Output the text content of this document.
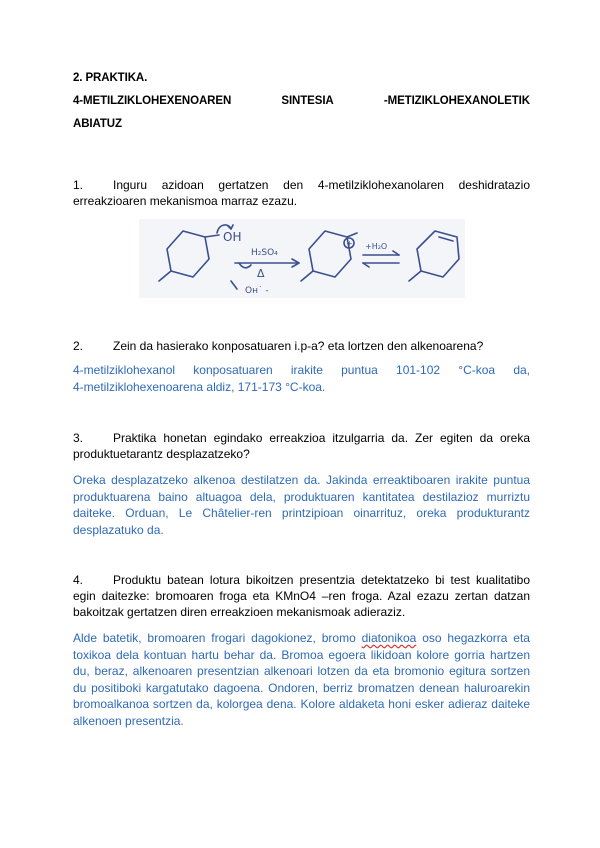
2. PRAKTIKA.
4-METILZIKLOHEXENOAREN	SINTESIA	-METIZIKLOHEXANOLETIK
ABIATUZ
1.	Inguru azidoan gertatzen den 4-metilziklohexanolaren deshidratazio
erreakzioaren mekanismoa marraz ezazu.
OH
H₂SO₄
Δ
Oн˙ -
+ +H₂O
2. Zein da hasierako konposatuaren i.p-a? eta lortzen den alkenoarena?
4-metilziklohexanol konposatuaren irakite puntua 101-102 °C-koa da,
4-metilziklohexenoarena aldiz, 171-173 °C-koa.
3.	Praktika honetan egindako erreakzioa itzulgarria da. Zer egiten da oreka
produktuetarantz desplazatzeko?
Oreka desplazatzeko alkenoa destilatzen da. Jakinda erreaktiboaren irakite puntua produktuarena baino altuagoa dela, produktuaren kantitatea destilazioz murriztu daiteke. Orduan, Le Châtelier-ren printzipioan oinarrituz, oreka produkturantz desplazatuko da.
4.	Produktu batean lotura bikoitzen presentzia detektatzeko bi test kualitatibo
egin daitezke: bromoaren froga eta KMnO4 –ren froga. Azal ezazu zertan datzan
bakoitzak gertatzen diren erreakzioen mekanismoak adieraziz.
Alde batetik, bromoaren frogari dagokionez, bromo diatonikoa oso hegazkorra eta toxikoa dela kontuan hartu behar da. Bromoa egoera likidoan kolore gorria hartzen du, beraz, alkenoaren presentzian alkenoari lotzen da eta bromonio egitura sortzen du positiboki kargatutako dagoena. Ondoren, berriz bromatzen denean haluroarekin bromoalkanoa sortzen da, kolorgea dena. Kolore aldaketa honi esker adieraz daiteke alkenoen presentzia.
